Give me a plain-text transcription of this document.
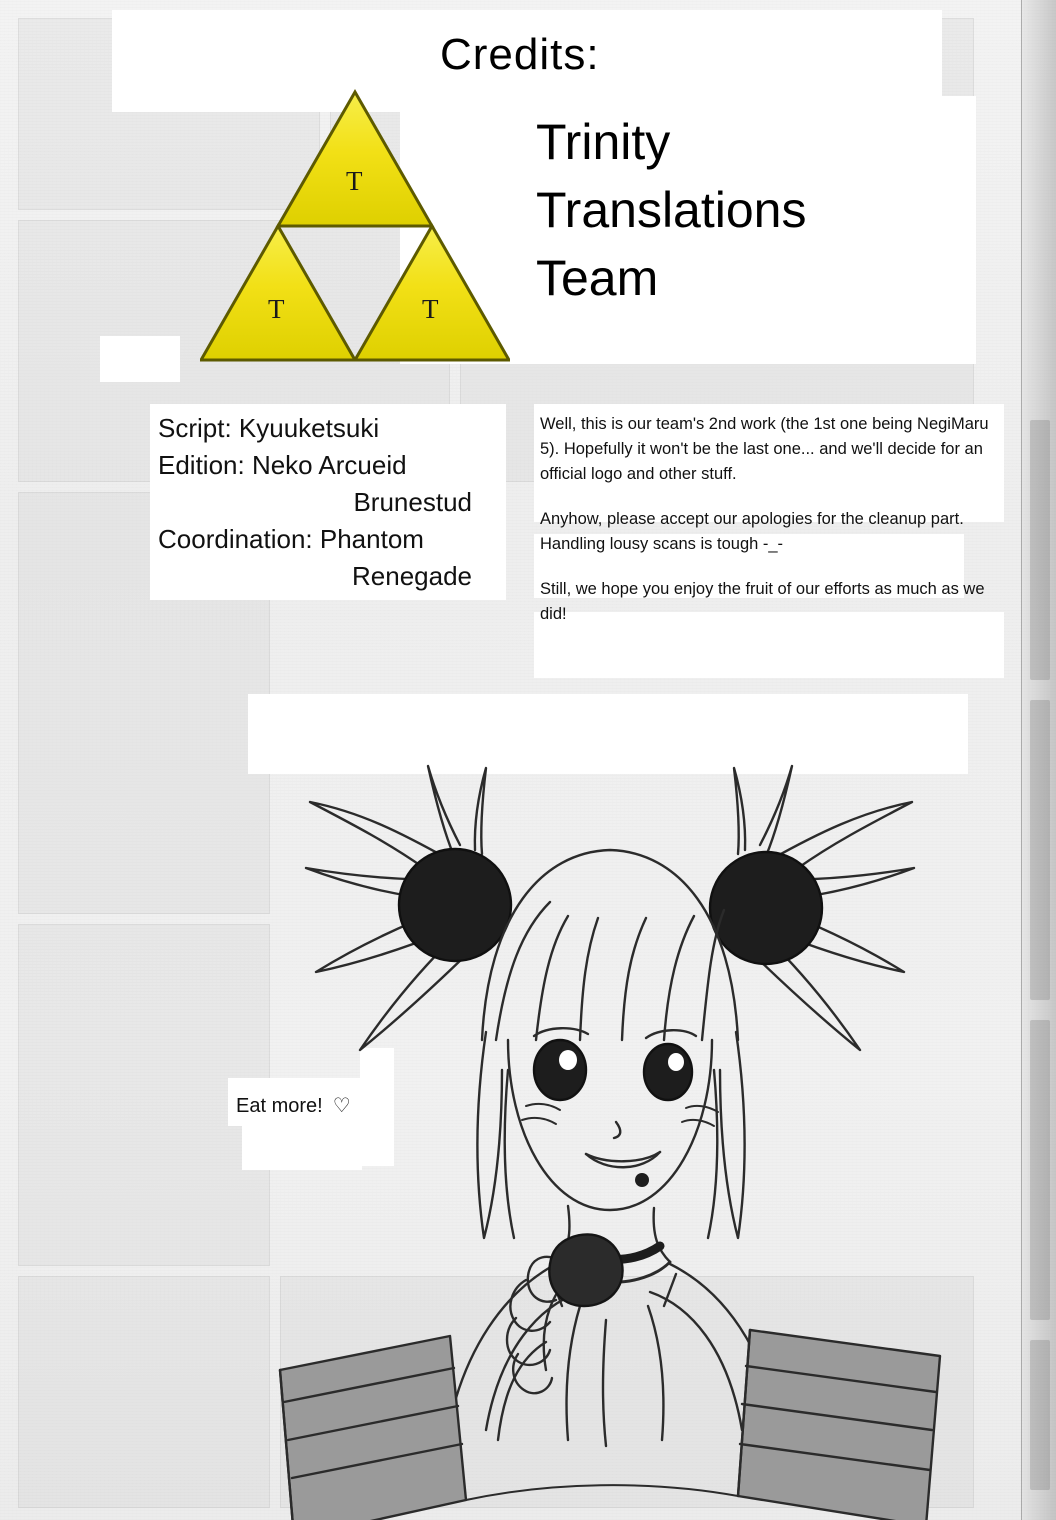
Credits:
Trinity
Translations
Team
T
T	T
Script: Kyuuketsuki
Edition: Neko Arcueid
Brunestud
Coordination: Phantom
Renegade

Well, this is our team's 2nd work (the 1st one being NegiMaru 5). Hopefully it won't be the last one... and we'll decide for an official logo and other stuff.

Anyhow, please accept our apologies for the cleanup part. Handling lousy scans is tough -_-

Still, we hope you enjoy the fruit of our efforts as much as we did!

Eat more! ♡
